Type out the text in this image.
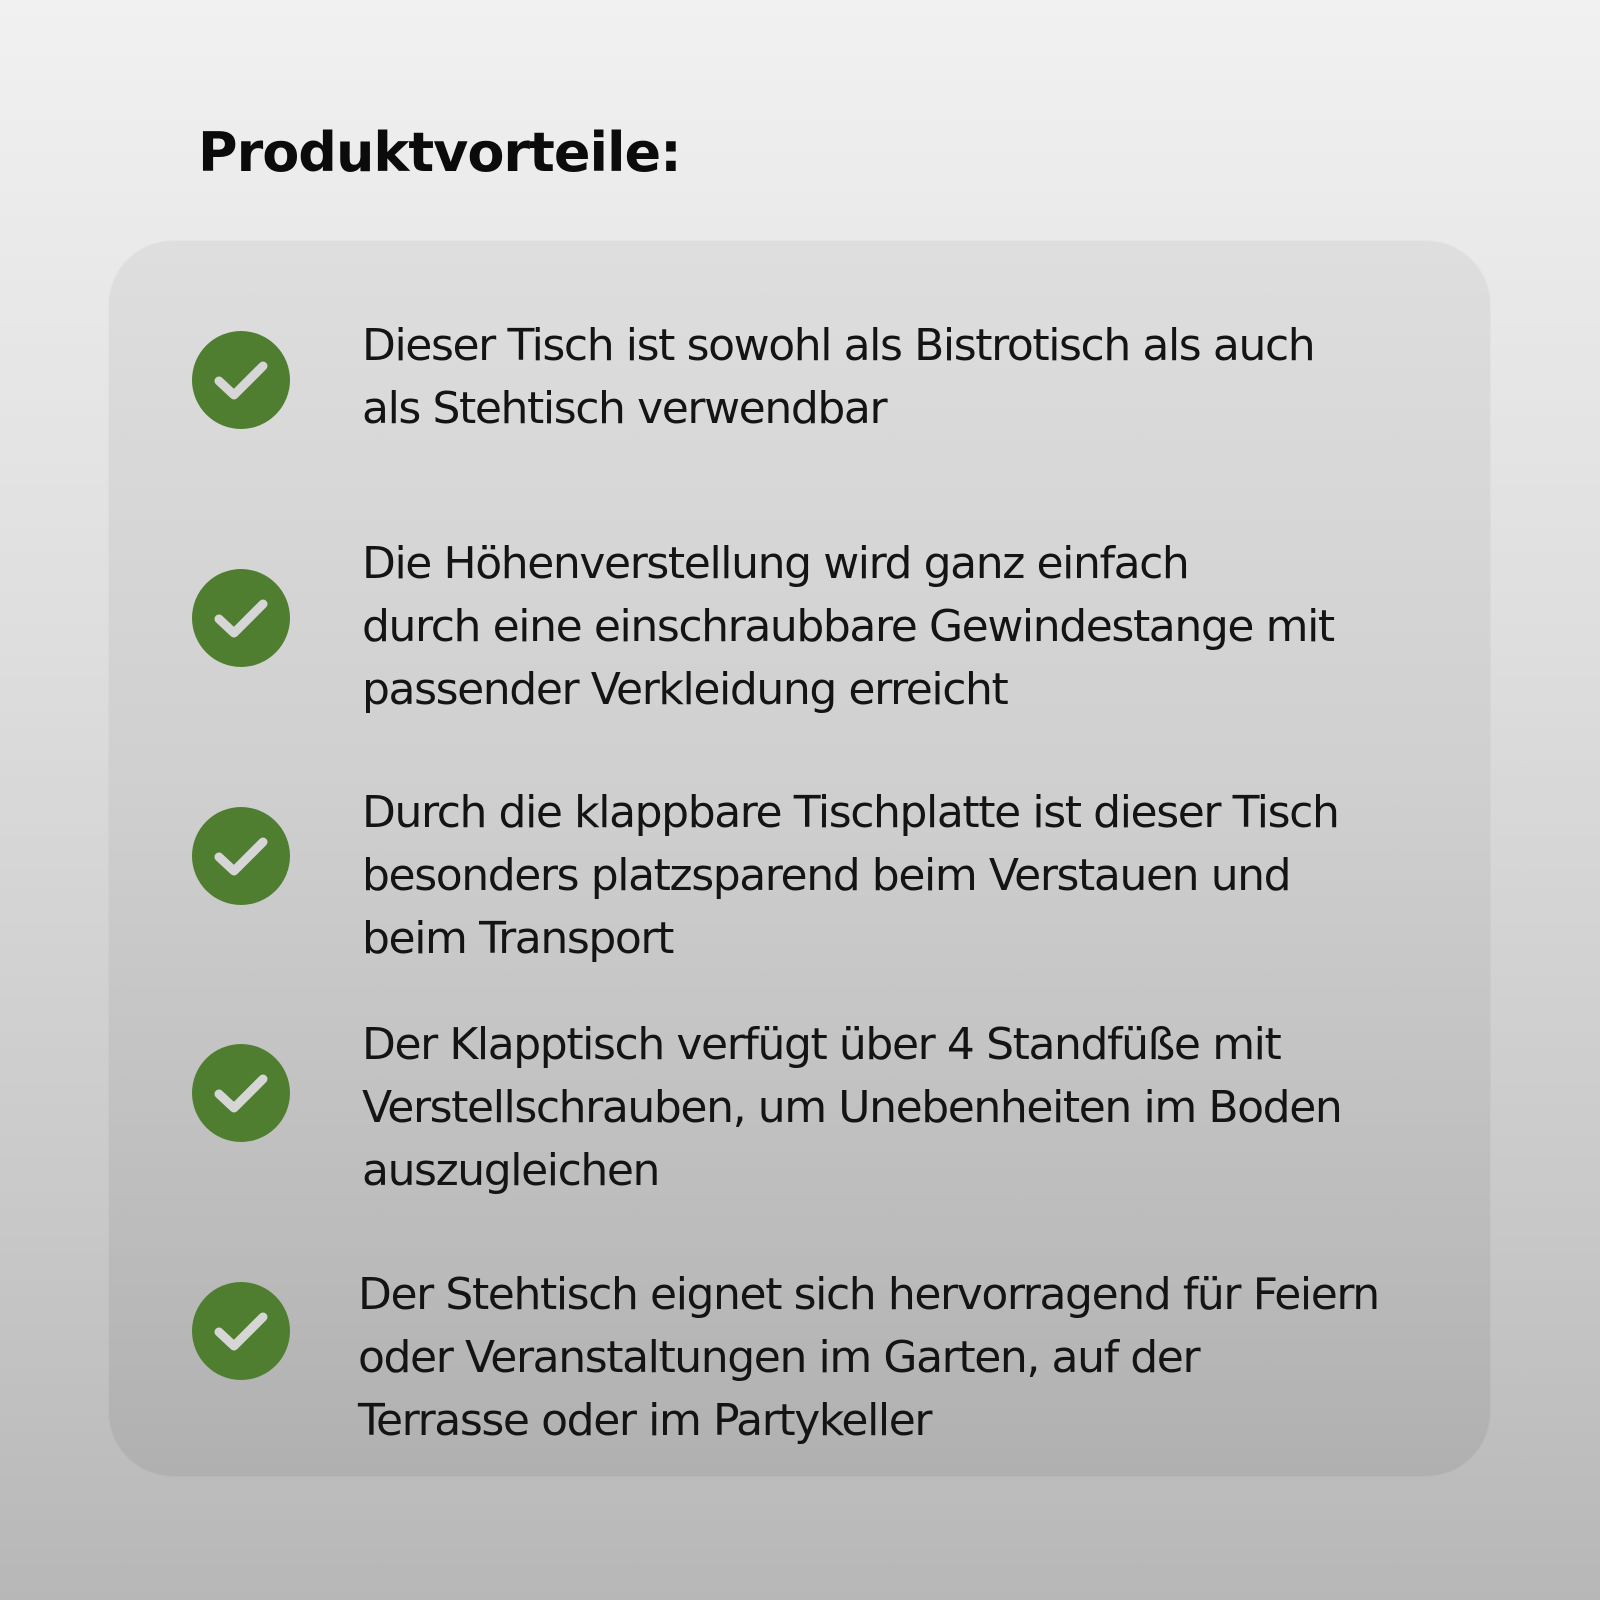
Produktvorteile:

Dieser Tisch ist sowohl als Bistrotisch als auch
als Stehtisch verwendbar

Die Höhenverstellung wird ganz einfach
durch eine einschraubbare Gewindestange mit
passender Verkleidung erreicht

Durch die klappbare Tischplatte ist dieser Tisch
besonders platzsparend beim Verstauen und
beim Transport

Der Klapptisch verfügt über 4 Standfüße mit
Verstellschrauben, um Unebenheiten im Boden
auszugleichen

Der Stehtisch eignet sich hervorragend für Feiern
oder Veranstaltungen im Garten, auf der
Terrasse oder im Partykeller
